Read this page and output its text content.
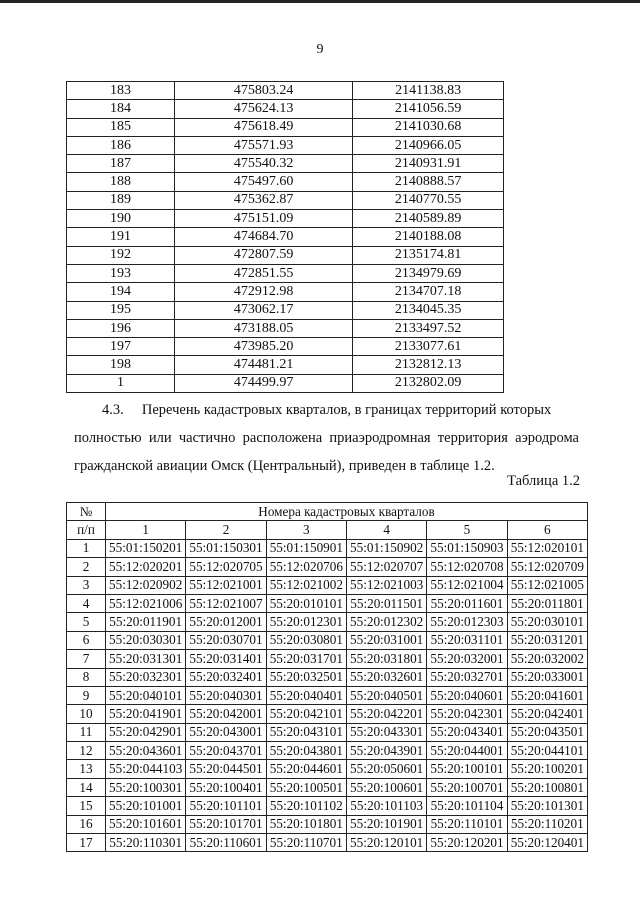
9
183	475803.24	2141138.83
184	475624.13	2141056.59
185	475618.49	2141030.68
186	475571.93	2140966.05
187	475540.32	2140931.91
188	475497.60	2140888.57
189	475362.87	2140770.55
190	475151.09	2140589.89
191	474684.70	2140188.08
192	472807.59	2135174.81
193	472851.55	2134979.69
194	472912.98	2134707.18
195	473062.17	2134045.35
196	473188.05	2133497.52
197	473985.20	2133077.61
198	474481.21	2132812.13
1	474499.97	2132802.09
4.3. Перечень кадастровых кварталов, в границах территорий которых
полностью или частично расположена приаэродромная территория аэродрома
гражданской авиации Омск (Центральный), приведен в таблице 1.2.
Таблица 1.2
№	Номера кадастровых кварталов					
п/п	1	2	3	4	5	6
1	55:01:150201	55:01:150301	55:01:150901	55:01:150902	55:01:150903	55:12:020101
2	55:12:020201	55:12:020705	55:12:020706	55:12:020707	55:12:020708	55:12:020709
3	55:12:020902	55:12:021001	55:12:021002	55:12:021003	55:12:021004	55:12:021005
4	55:12:021006	55:12:021007	55:20:010101	55:20:011501	55:20:011601	55:20:011801
5	55:20:011901	55:20:012001	55:20:012301	55:20:012302	55:20:012303	55:20:030101
6	55:20:030301	55:20:030701	55:20:030801	55:20:031001	55:20:031101	55:20:031201
7	55:20:031301	55:20:031401	55:20:031701	55:20:031801	55:20:032001	55:20:032002
8	55:20:032301	55:20:032401	55:20:032501	55:20:032601	55:20:032701	55:20:033001
9	55:20:040101	55:20:040301	55:20:040401	55:20:040501	55:20:040601	55:20:041601
10	55:20:041901	55:20:042001	55:20:042101	55:20:042201	55:20:042301	55:20:042401
11	55:20:042901	55:20:043001	55:20:043101	55:20:043301	55:20:043401	55:20:043501
12	55:20:043601	55:20:043701	55:20:043801	55:20:043901	55:20:044001	55:20:044101
13	55:20:044103	55:20:044501	55:20:044601	55:20:050601	55:20:100101	55:20:100201
14	55:20:100301	55:20:100401	55:20:100501	55:20:100601	55:20:100701	55:20:100801
15	55:20:101001	55:20:101101	55:20:101102	55:20:101103	55:20:101104	55:20:101301
16	55:20:101601	55:20:101701	55:20:101801	55:20:101901	55:20:110101	55:20:110201
17	55:20:110301	55:20:110601	55:20:110701	55:20:120101	55:20:120201	55:20:120401
